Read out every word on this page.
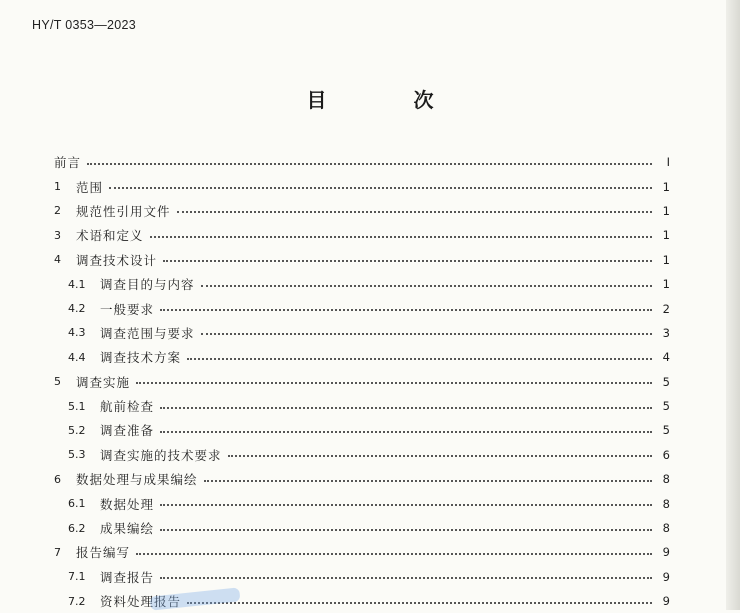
HY/T 0353—2023
目 次
前言	I
1	范围	1
2	规范性引用文件	1
3	术语和定义	1
4	调查技术设计	1
4.1	调查目的与内容	1
4.2	一般要求	2
4.3	调查范围与要求	3
4.4	调查技术方案	4
5	调查实施	5
5.1	航前检查	5
5.2	调查准备	5
5.3	调查实施的技术要求	6
6	数据处理与成果编绘	8
6.1	数据处理	8
6.2	成果编绘	8
7	报告编写	9
7.1	调查报告	9
7.2	资料处理报告	9
